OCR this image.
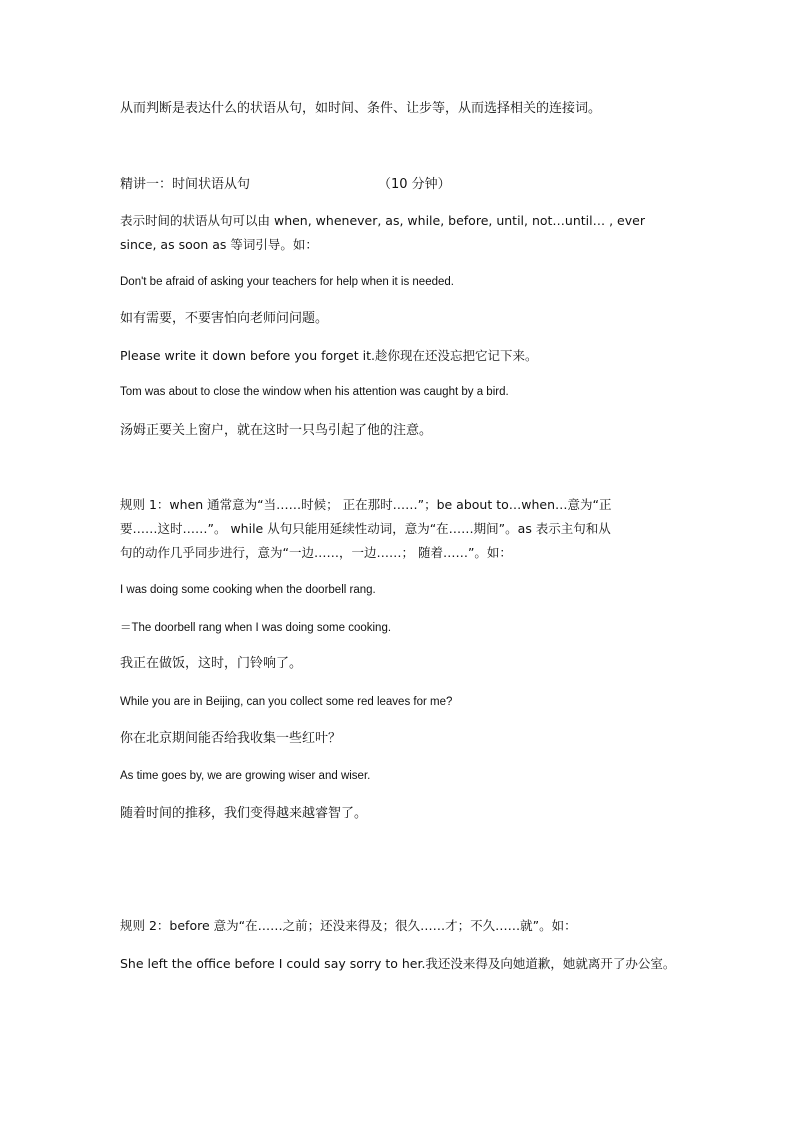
从而判断是表达什么的状语从句，如时间、条件、让步等，从而选择相关的连接词。
精讲一：时间状语从句	（10 分钟）
表示时间的状语从句可以由 when, whenever, as, while, before, until, not…until… , ever
since, as soon as 等词引导。如：
Don't be afraid of asking your teachers for help when it is needed.
如有需要，不要害怕向老师问问题。
Please write it down before you forget it.趁你现在还没忘把它记下来。
Tom was about to close the window when his attention was caught by a bird.
汤姆正要关上窗户，就在这时一只鸟引起了他的注意。
规则 1：when 通常意为“当……时候； 正在那时……”；be about to…when…意为“正
要……这时……”。 while 从句只能用延续性动词，意为“在……期间”。as 表示主句和从
句的动作几乎同步进行，意为“一边……，一边……； 随着……”。如：
I was doing some cooking when the doorbell rang.
＝The doorbell rang when I was doing some cooking.
我正在做饭，这时，门铃响了。
While you are in Beijing, can you collect some red leaves for me?
你在北京期间能否给我收集一些红叶？
As time goes by, we are growing wiser and wiser.
随着时间的推移，我们变得越来越睿智了。
规则 2：before 意为“在……之前；还没来得及；很久……才；不久……就”。如：
She left the office before I could say sorry to her.我还没来得及向她道歉，她就离开了办公室。
